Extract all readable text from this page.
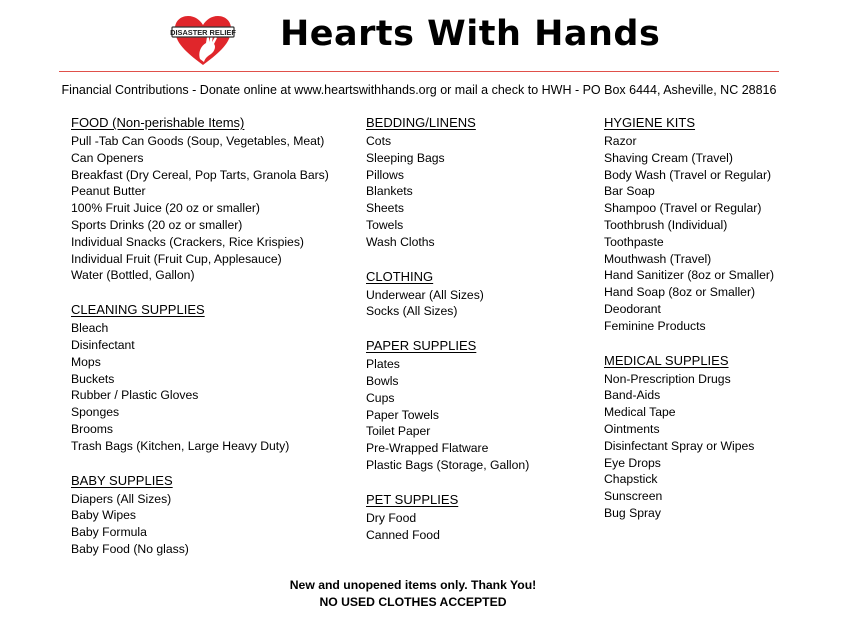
DISASTER RELIEF Hearts With Hands
Financial Contributions - Donate online at www.heartswithhands.org or mail a check to HWH - PO Box 6444, Asheville, NC 28816
FOOD (Non-perishable Items)
Pull -Tab Can Goods (Soup, Vegetables, Meat)
Can Openers
Breakfast (Dry Cereal, Pop Tarts, Granola Bars)
Peanut Butter
100% Fruit Juice (20 oz or smaller)
Sports Drinks (20 oz or smaller)
Individual Snacks (Crackers, Rice Krispies)
Individual Fruit (Fruit Cup, Applesauce)
Water (Bottled, Gallon)
CLEANING SUPPLIES
Bleach
Disinfectant
Mops
Buckets
Rubber / Plastic Gloves
Sponges
Brooms
Trash Bags (Kitchen, Large Heavy Duty)
BABY SUPPLIES
Diapers (All Sizes)
Baby Wipes
Baby Formula
Baby Food (No glass)
BEDDING/LINENS
Cots
Sleeping Bags
Pillows
Blankets
Sheets
Towels
Wash Cloths
CLOTHING
Underwear (All Sizes)
Socks (All Sizes)
PAPER SUPPLIES
Plates
Bowls
Cups
Paper Towels
Toilet Paper
Pre-Wrapped Flatware
Plastic Bags (Storage, Gallon)
PET SUPPLIES
Dry Food
Canned Food
HYGIENE KITS
Razor
Shaving Cream (Travel)
Body Wash (Travel or Regular)
Bar Soap
Shampoo (Travel or Regular)
Toothbrush (Individual)
Toothpaste
Mouthwash (Travel)
Hand Sanitizer (8oz or Smaller)
Hand Soap (8oz or Smaller)
Deodorant
Feminine Products
MEDICAL SUPPLIES
Non-Prescription Drugs
Band-Aids
Medical Tape
Ointments
Disinfectant Spray or Wipes
Eye Drops
Chapstick
Sunscreen
Bug Spray
New and unopened items only. Thank You!
NO USED CLOTHES ACCEPTED
